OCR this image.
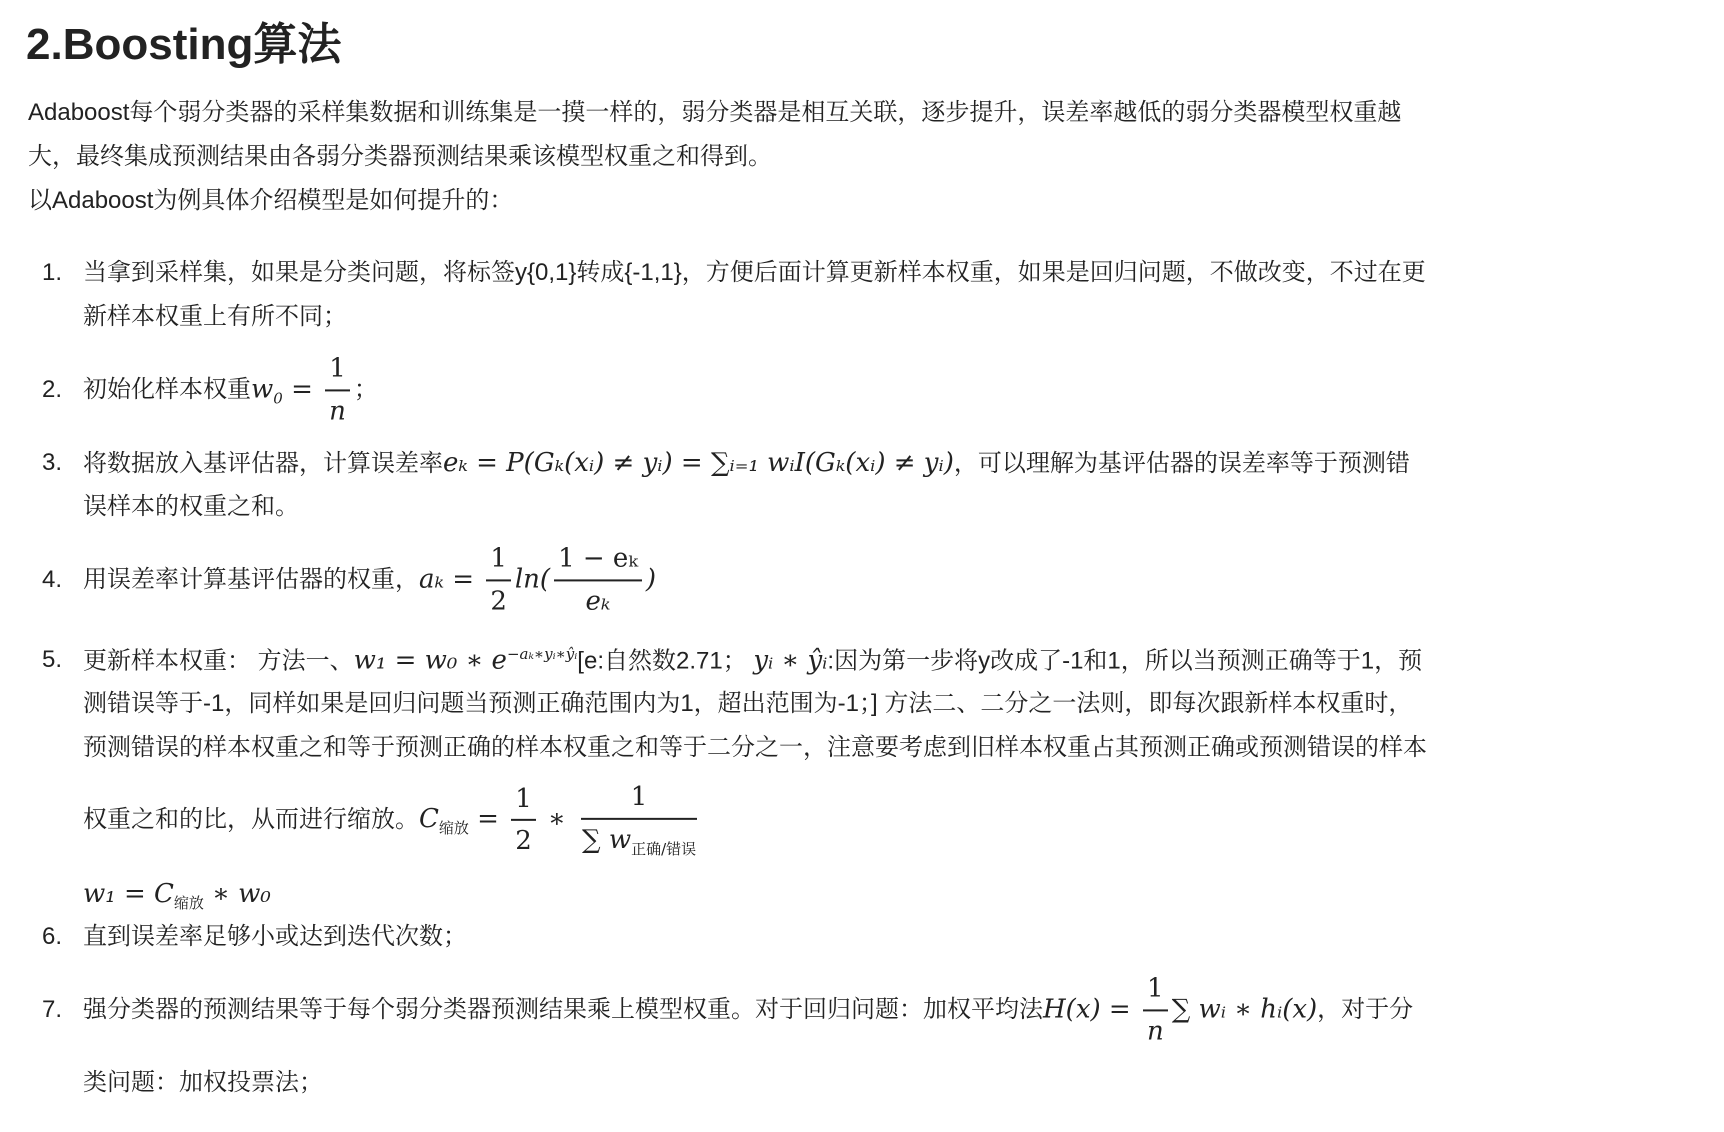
2.Boosting算法
Adaboost每个弱分类器的采样集数据和训练集是一摸一样的，弱分类器是相互关联，逐步提升，误差率越低的弱分类器模型权重越
大，最终集成预测结果由各弱分类器预测结果乘该模型权重之和得到。
以Adaboost为例具体介绍模型是如何提升的：
1. 当拿到采样集，如果是分类问题，将标签y{0,1}转成{-1,1}，方便后面计算更新样本权重，如果是回归问题，不做改变，不过在更
新样本权重上有所不同；
2. 初始化样本权重$w_0 = \frac{1}{n}$ ；
3. 将数据放入基评估器，计算误差率eₖ = P(Gₖ(xᵢ) ≠ yᵢ) = ∑ᵢ₌₁ wᵢI(Gₖ(xᵢ) ≠ yᵢ)，可以理解为基评估器的误差率等于预测错
误样本的权重之和。
4. 用误差率计算基评估器的权重，$a_k = \frac{1}{2} \ln( \frac{\text{1 − eₖ}}{\text{eₖ}}$ )
5. 更新样本权重： 方法一、w₁ = w₀ ∗ $e^{-a_k∗yᵢ∗ŷᵢ}[e$:自然数2.71； yᵢ ∗ ŷᵢ:因为第一步将y改成了-1和1，所以当预测正确等于1，预
测错误等于-1，同样如果是回归问题当预测正确范围内为1，超出范围为-1；] 方法二、二分之一法则，即每次跟新样本权重时，
预测错误的样本权重之和等于预测正确的样本权重之和等于二分之一，注意要考虑到旧样本权重占其预测正确或预测错误的样本
权重之和的比，从而进行缩放。$C_{缩放} = \frac{1}{2}$ ∗ $\frac{1}{\sum w_{正确/错误}}$
$w_1 = C_{缩放}$ ∗ w₀
6. 直到误差率足够小或达到迭代次数；
7. 强分类器的预测结果等于每个弱分类器预测结果乘上模型权重。对于回归问题：加权平均法$H(x) = \frac{1}{n}$ ∑ wᵢ ∗ hᵢ(x)，对于分
类问题：加权投票法；
